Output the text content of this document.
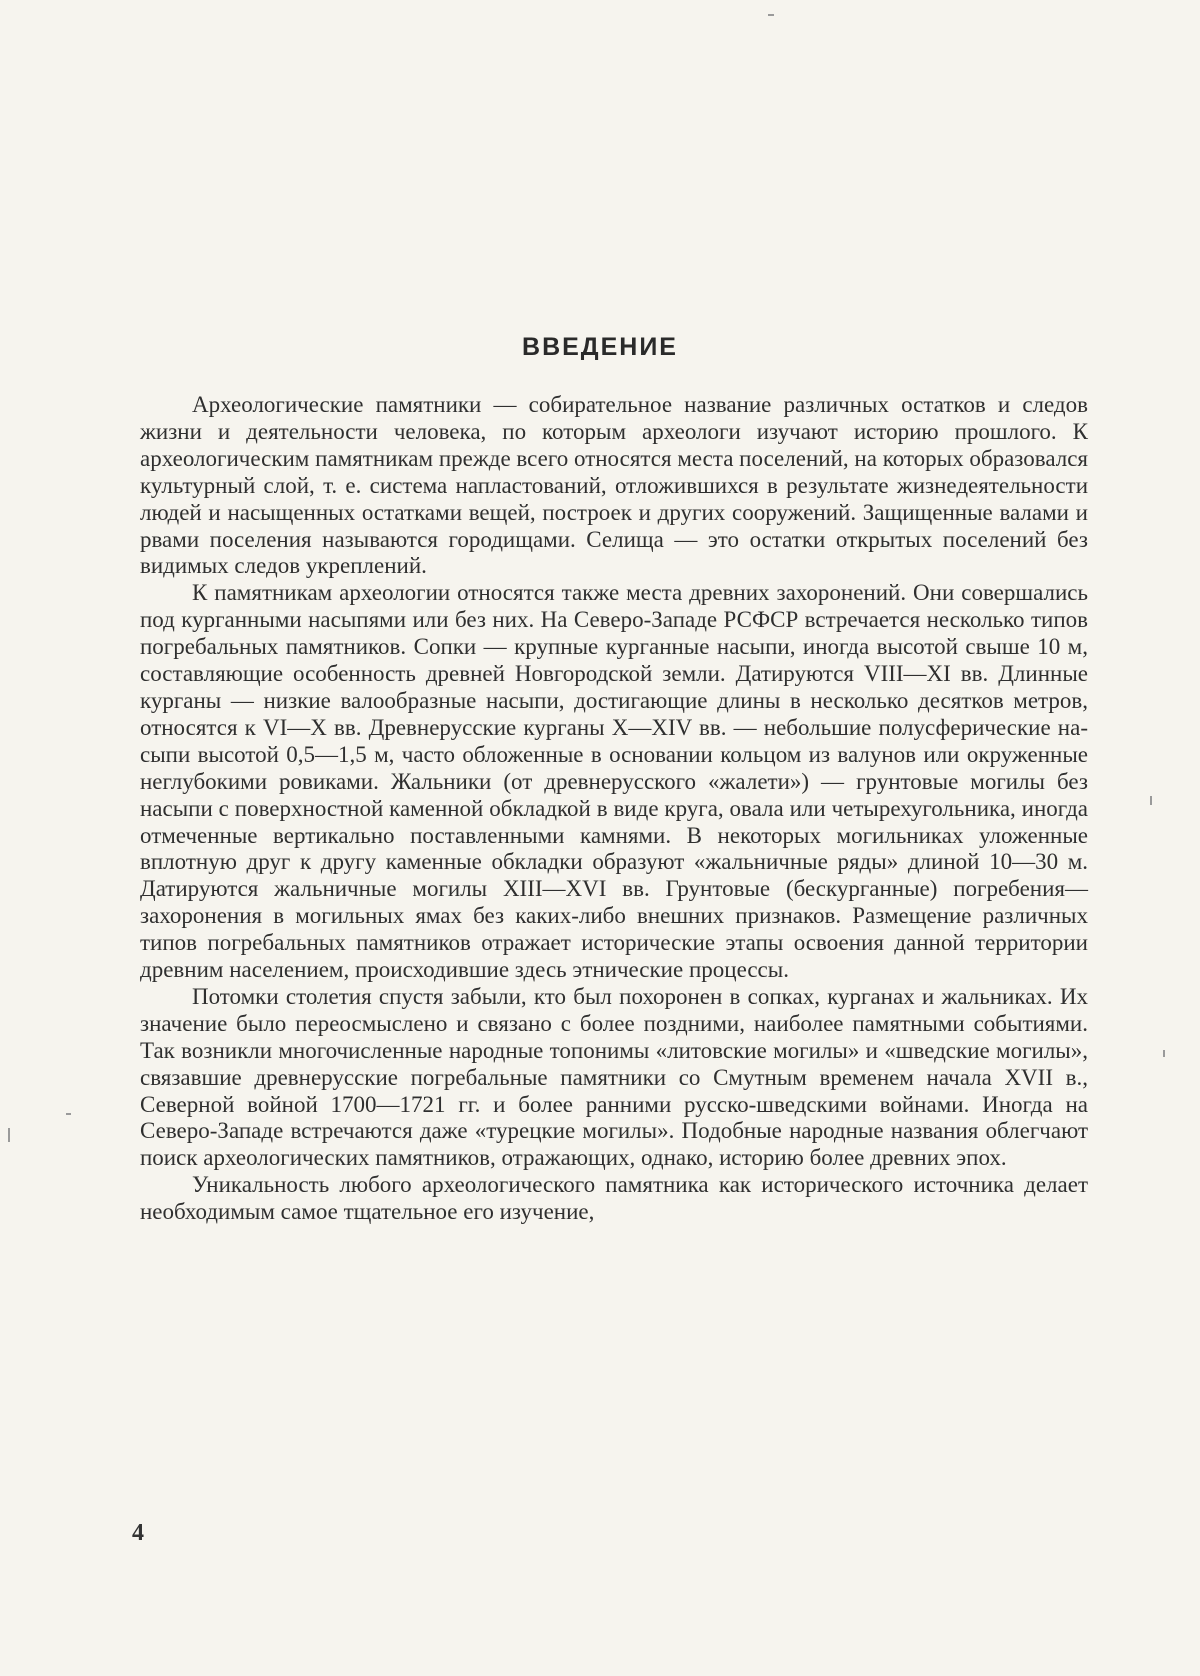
ВВЕДЕНИЕ

Археологические памятники — собирательное название различных остатков и следов жизни и деятельности человека, по которым археологи изучают историю прошлого. К археологическим памятникам прежде всего относятся места поселений, на которых образовался культурный слой, т. е. система напластований, отложившихся в результате жизнедеятельности людей и насыщенных остатками вещей, построек и других сооружений. Защищенные валами и рвами поселения называются городищами. Селища — это остатки открытых поселений без видимых следов укреплений.

К памятникам археологии относятся также места древних захоронений. Они совершались под курганными насыпями или без них. На Северо-Западе РСФСР встречается несколько типов погребальных памятников. Сопки — крупные курганные насыпи, иногда высотой свыше 10 м, составляющие особенность древней Новгородской земли. Датируются VIII—XI вв. Длинные курганы — низкие валообразные насыпи, достигающие длины в несколько десятков метров, относятся к VI—X вв. Древнерусские курганы X—XIV вв. — небольшие полусферические насыпи высотой 0,5—1,5 м, часто обложенные в основании кольцом из валунов или окруженные неглубокими ровиками. Жальники (от древнерусского «жалети») — грунтовые могилы без насыпи с поверхностной каменной обкладкой в виде круга, овала или четырехугольника, иногда отмеченные вертикально поставленными камнями. В некоторых могильниках уложенные вплотную друг к другу каменные обкладки образуют «жальничные ряды» длиной 10—30 м. Датируются жальничные могилы XIII—XVI вв. Грунтовые (бескурганные) погребения—захоронения в могильных ямах без каких-либо внешних признаков. Размещение различных типов погребальных памятников отражает исторические этапы освоения данной территории древним населением, происходившие здесь этнические процессы.

Потомки столетия спустя забыли, кто был похоронен в сопках, курганах и жальниках. Их значение было переосмыслено и связано с более поздними, наиболее памятными событиями. Так возникли многочисленные народные топонимы «литовские могилы» и «шведские могилы», связавшие древнерусские погребальные памятники со Смутным временем начала XVII в., Северной войной 1700—1721 гг. и более ранними русско-шведскими войнами. Иногда на Северо-Западе встречаются даже «турецкие могилы». Подобные народные названия облегчают поиск археологических памятников, отражающих, однако, историю более древних эпох.

Уникальность любого археологического памятника как исторического источника делает необходимым самое тщательное его изучение,

4
